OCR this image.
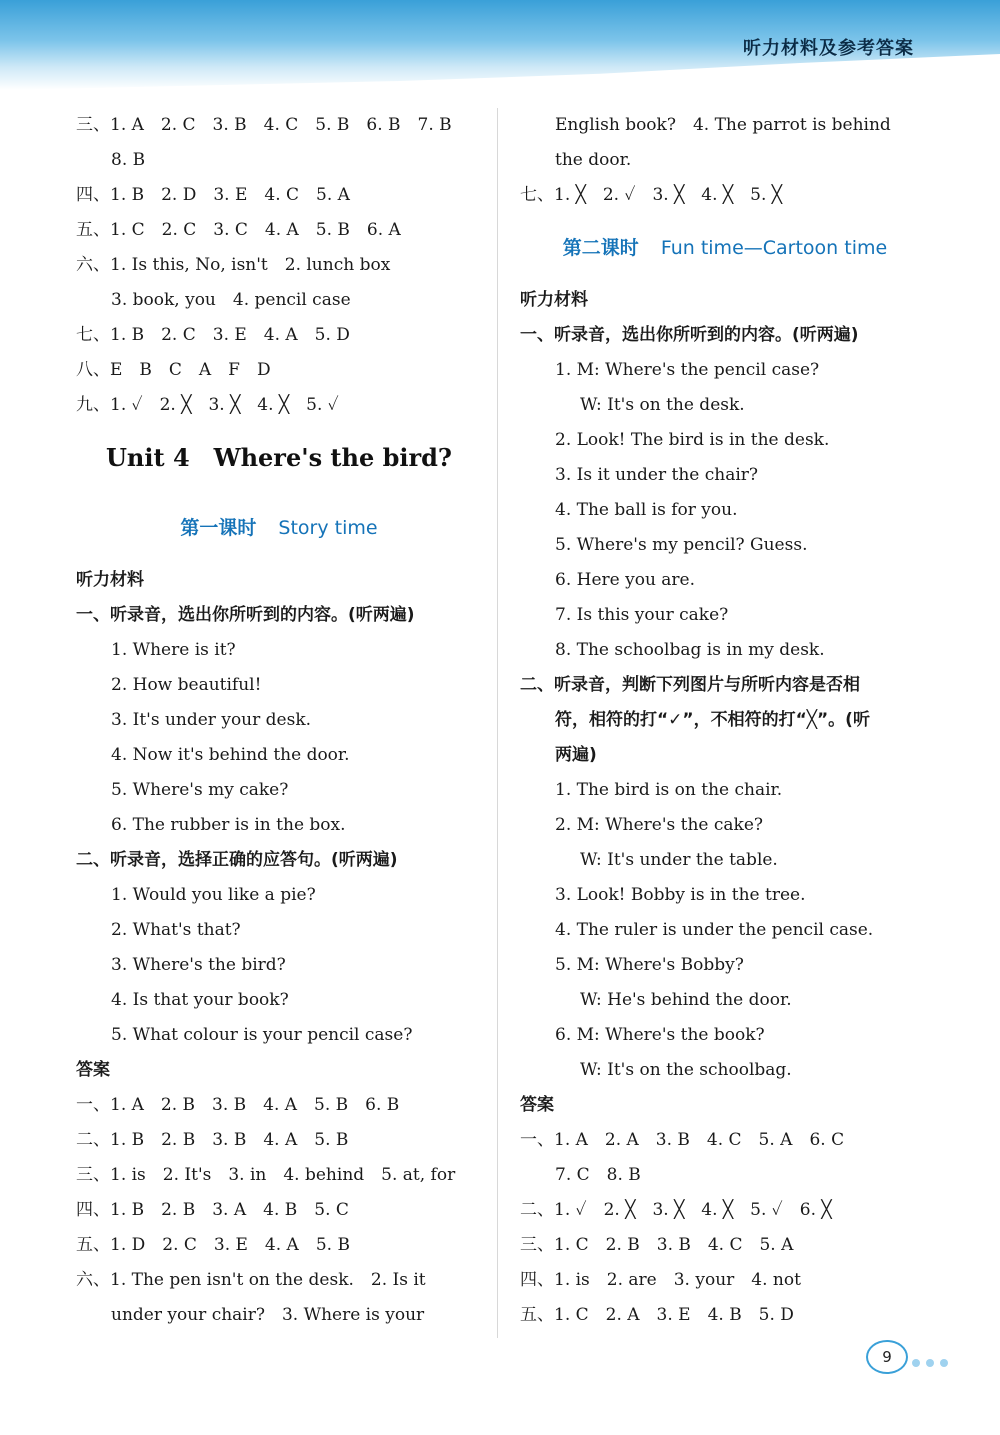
听力材料及参考答案
三、1. A　2. C　3. B　4. C　5. B　6. B　7. B
8. B
四、1. B　2. D　3. E　4. C　5. A
五、1. C　2. C　3. C　4. A　5. B　6. A
六、1. Is this, No, isn't　2. lunch box
3. book, you　4. pencil case
七、1. B　2. C　3. E　4. A　5. D
八、E　B　C　A　F　D
九、1. ✓　2. ╳　3. ╳　4. ╳　5. ✓
Unit 4　Where's the bird?
第一课时 Story time
听力材料
一、听录音，选出你所听到的内容。(听两遍)
1. Where is it?
2. How beautiful!
3. It's under your desk.
4. Now it's behind the door.
5. Where's my cake?
6. The rubber is in the box.
二、听录音，选择正确的应答句。(听两遍)
1. Would you like a pie?
2. What's that?
3. Where's the bird?
4. Is that your book?
5. What colour is your pencil case?
答案
一、1. A　2. B　3. B　4. A　5. B　6. B
二、1. B　2. B　3. B　4. A　5. B
三、1. is　2. It's　3. in　4. behind　5. at, for
四、1. B　2. B　3. A　4. B　5. C
五、1. D　2. C　3. E　4. A　5. B
六、1. The pen isn't on the desk.　2. Is it
under your chair?　3. Where is your
English book?　4. The parrot is behind
the door.
七、1. ╳　2. ✓　3. ╳　4. ╳　5. ╳
第二课时 Fun time—Cartoon time
听力材料
一、听录音，选出你所听到的内容。(听两遍)
1. M: Where's the pencil case?
W: It's on the desk.
2. Look! The bird is in the desk.
3. Is it under the chair?
4. The ball is for you.
5. Where's my pencil? Guess.
6. Here you are.
7. Is this your cake?
8. The schoolbag is in my desk.
二、听录音，判断下列图片与所听内容是否相
符，相符的打“✓”，不相符的打“╳”。(听
两遍)
1. The bird is on the chair.
2. M: Where's the cake?
W: It's under the table.
3. Look! Bobby is in the tree.
4. The ruler is under the pencil case.
5. M: Where's Bobby?
W: He's behind the door.
6. M: Where's the book?
W: It's on the schoolbag.
答案
一、1. A　2. A　3. B　4. C　5. A　6. C
7. C　8. B
二、1. ✓　2. ╳　3. ╳　4. ╳　5. ✓　6. ╳
三、1. C　2. B　3. B　4. C　5. A
四、1. is　2. are　3. your　4. not
五、1. C　2. A　3. E　4. B　5. D
9
